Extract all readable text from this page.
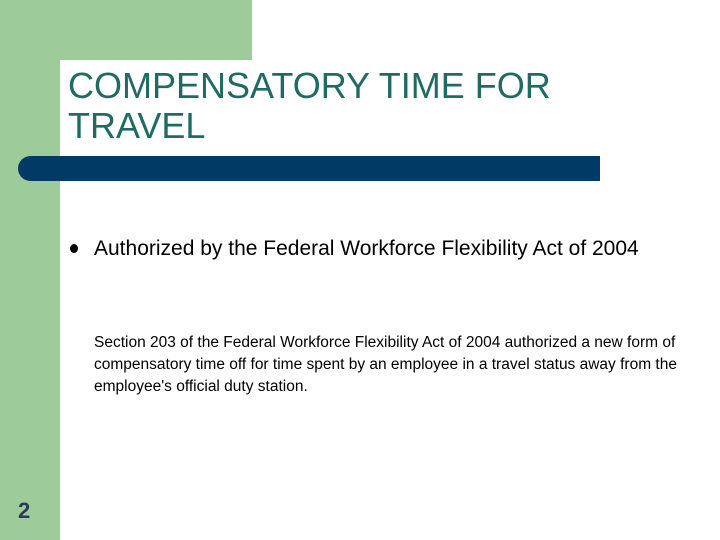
COMPENSATORY TIME FOR TRAVEL

Authorized by the Federal Workforce Flexibility Act of 2004

Section 203 of the Federal Workforce Flexibility Act of 2004 authorized a new form of compensatory time off for time spent by an employee in a travel status away from the employee's official duty station.

2
